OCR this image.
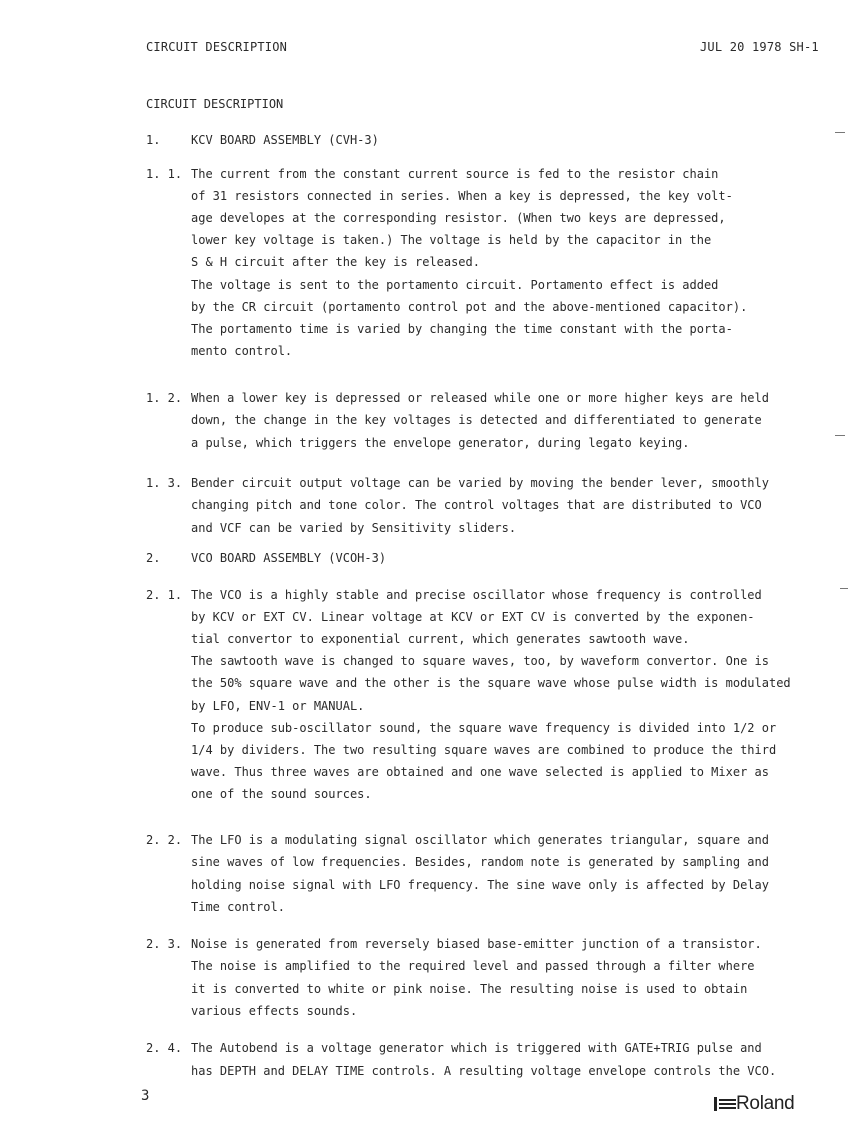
CIRCUIT DESCRIPTION	JUL 20 1978 SH-1
CIRCUIT DESCRIPTION
1.	KCV BOARD ASSEMBLY (CVH-3)
1. 1. The current from the constant current source is fed to the resistor chain
of 31 resistors connected in series. When a key is depressed, the key volt-
age developes at the corresponding resistor. (When two keys are depressed,
lower key voltage is taken.) The voltage is held by the capacitor in the
S & H circuit after the key is released.
The voltage is sent to the portamento circuit. Portamento effect is added
by the CR circuit (portamento control pot and the above-mentioned capacitor).
The portamento time is varied by changing the time constant with the porta-
mento control.
1. 2. When a lower key is depressed or released while one or more higher keys are held
down, the change in the key voltages is detected and differentiated to generate
a pulse, which triggers the envelope generator, during legato keying.
1. 3. Bender circuit output voltage can be varied by moving the bender lever, smoothly
changing pitch and tone color. The control voltages that are distributed to VCO
and VCF can be varied by Sensitivity sliders.
2.	VCO BOARD ASSEMBLY (VCOH-3)
2. 1. The VCO is a highly stable and precise oscillator whose frequency is controlled
by KCV or EXT CV. Linear voltage at KCV or EXT CV is converted by the exponen-
tial convertor to exponential current, which generates sawtooth wave.
The sawtooth wave is changed to square waves, too, by waveform convertor. One is
the 50% square wave and the other is the square wave whose pulse width is modulated
by LFO, ENV-1 or MANUAL.
To produce sub-oscillator sound, the square wave frequency is divided into 1/2 or
1/4 by dividers. The two resulting square waves are combined to produce the third
wave. Thus three waves are obtained and one wave selected is applied to Mixer as
one of the sound sources.
2. 2. The LFO is a modulating signal oscillator which generates triangular, square and
sine waves of low frequencies. Besides, random note is generated by sampling and
holding noise signal with LFO frequency. The sine wave only is affected by Delay
Time control.
2. 3. Noise is generated from reversely biased base-emitter junction of a transistor.
The noise is amplified to the required level and passed through a filter where
it is converted to white or pink noise. The resulting noise is used to obtain
various effects sounds.
2. 4. The Autobend is a voltage generator which is triggered with GATE+TRIG pulse and
has DEPTH and DELAY TIME controls. A resulting voltage envelope controls the VCO.
3	Roland
